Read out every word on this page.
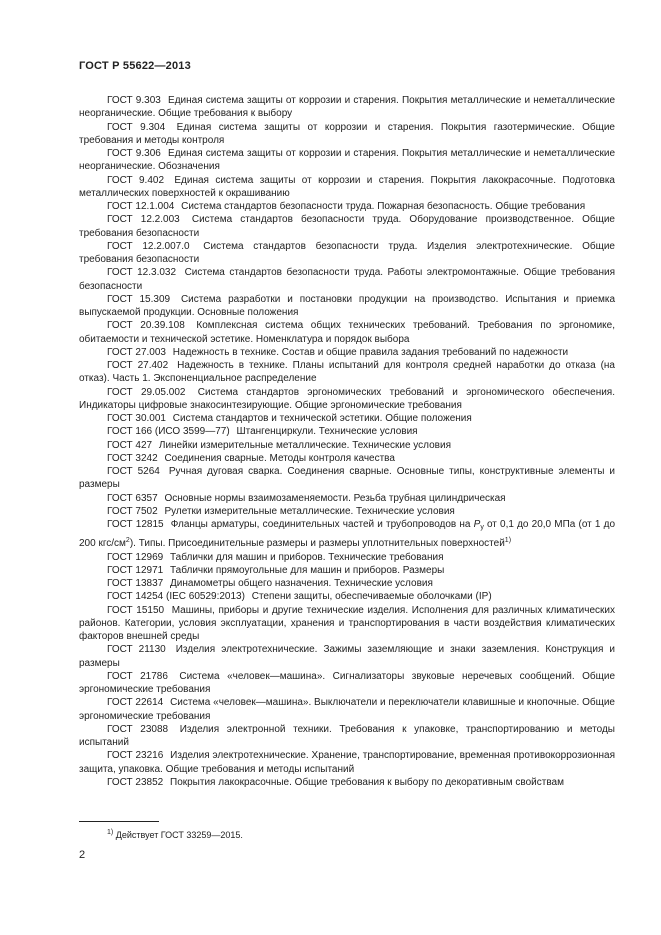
ГОСТ Р 55622—2013

ГОСТ 9.303 Единая система защиты от коррозии и старения. Покрытия металлические и неметаллические неорганические. Общие требования к выбору

ГОСТ 9.304 Единая система защиты от коррозии и старения. Покрытия газотермические. Общие требования и методы контроля

ГОСТ 9.306 Единая система защиты от коррозии и старения. Покрытия металлические и неметаллические неорганические. Обозначения

ГОСТ 9.402 Единая система защиты от коррозии и старения. Покрытия лакокрасочные. Подготовка металлических поверхностей к окрашиванию

ГОСТ 12.1.004 Система стандартов безопасности труда. Пожарная безопасность. Общие требования

ГОСТ 12.2.003 Система стандартов безопасности труда. Оборудование производственное. Общие требования безопасности

ГОСТ 12.2.007.0 Система стандартов безопасности труда. Изделия электротехнические. Общие требования безопасности

ГОСТ 12.3.032 Система стандартов безопасности труда. Работы электромонтажные. Общие требования безопасности

ГОСТ 15.309 Система разработки и постановки продукции на производство. Испытания и приемка выпускаемой продукции. Основные положения

ГОСТ 20.39.108 Комплексная система общих технических требований. Требования по эргономике, обитаемости и технической эстетике. Номенклатура и порядок выбора

ГОСТ 27.003 Надежность в технике. Состав и общие правила задания требований по надежности

ГОСТ 27.402 Надежность в технике. Планы испытаний для контроля средней наработки до отказа (на отказ). Часть 1. Экспоненциальное распределение

ГОСТ 29.05.002 Система стандартов эргономических требований и эргономического обеспечения. Индикаторы цифровые знакосинтезирующие. Общие эргономические требования

ГОСТ 30.001 Система стандартов и технической эстетики. Общие положения

ГОСТ 166 (ИСО 3599—77) Штангенциркули. Технические условия

ГОСТ 427 Линейки измерительные металлические. Технические условия

ГОСТ 3242 Соединения сварные. Методы контроля качества

ГОСТ 5264 Ручная дуговая сварка. Соединения сварные. Основные типы, конструктивные элементы и размеры

ГОСТ 6357 Основные нормы взаимозаменяемости. Резьба трубная цилиндрическая

ГОСТ 7502 Рулетки измерительные металлические. Технические условия

ГОСТ 12815 Фланцы арматуры, соединительных частей и трубопроводов на $P_y$ от 0,1 до 20,0 МПа (от 1 до 200 кгс/$см^2$). Типы. Присоединительные размеры и размеры уплотнительных поверхностей$^{1)}$

ГОСТ 12969 Таблички для машин и приборов. Технические требования

ГОСТ 12971 Таблички прямоугольные для машин и приборов. Размеры

ГОСТ 13837 Динамометры общего назначения. Технические условия

ГОСТ 14254 (IEC 60529:2013) Степени защиты, обеспечиваемые оболочками (IP)

ГОСТ 15150 Машины, приборы и другие технические изделия. Исполнения для различных климатических районов. Категории, условия эксплуатации, хранения и транспортирования в части воздействия климатических факторов внешней среды

ГОСТ 21130 Изделия электротехнические. Зажимы заземляющие и знаки заземления. Конструкция и размеры

ГОСТ 21786 Система «человек—машина». Сигнализаторы звуковые неречевых сообщений. Общие эргономические требования

ГОСТ 22614 Система «человек—машина». Выключатели и переключатели клавишные и кнопочные. Общие эргономические требования

ГОСТ 23088 Изделия электронной техники. Требования к упаковке, транспортированию и методы испытаний

ГОСТ 23216 Изделия электротехнические. Хранение, транспортирование, временная противокоррозионная защита, упаковка. Общие требования и методы испытаний

ГОСТ 23852 Покрытия лакокрасочные. Общие требования к выбору по декоративным свойствам

$^{1)}$ Действует ГОСТ 33259—2015.
2
